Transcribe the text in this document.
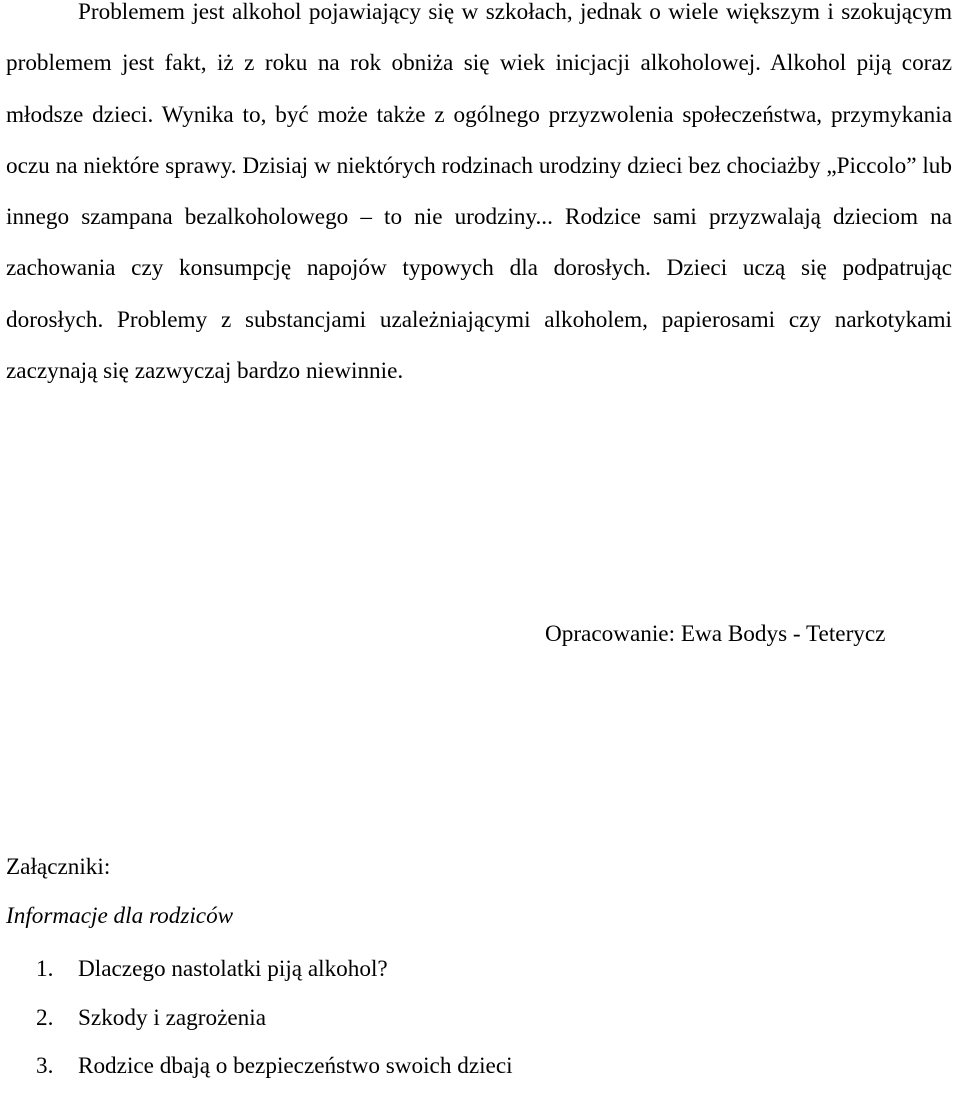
Problemem jest alkohol pojawiający się w szkołach, jednak o wiele większym i szokującym problemem jest fakt, iż z roku na rok obniża się wiek inicjacji alkoholowej. Alkohol piją coraz młodsze dzieci. Wynika to, być może także z ogólnego przyzwolenia społeczeństwa, przymykania oczu na niektóre sprawy. Dzisiaj w niektórych rodzinach urodziny dzieci bez chociażby „Piccolo” lub innego szampana bezalkoholowego – to nie urodziny... Rodzice sami przyzwalają dzieciom na zachowania czy konsumpcję napojów typowych dla dorosłych. Dzieci uczą się podpatrując dorosłych. Problemy z substancjami uzależniającymi alkoholem, papierosami czy narkotykami zaczynają się zazwyczaj bardzo niewinnie.

Opracowanie: Ewa Bodys - Teterycz

Załączniki:

Informacje dla rodziców

1. Dlaczego nastolatki piją alkohol?
2. Szkody i zagrożenia
3. Rodzice dbają o bezpieczeństwo swoich dzieci
